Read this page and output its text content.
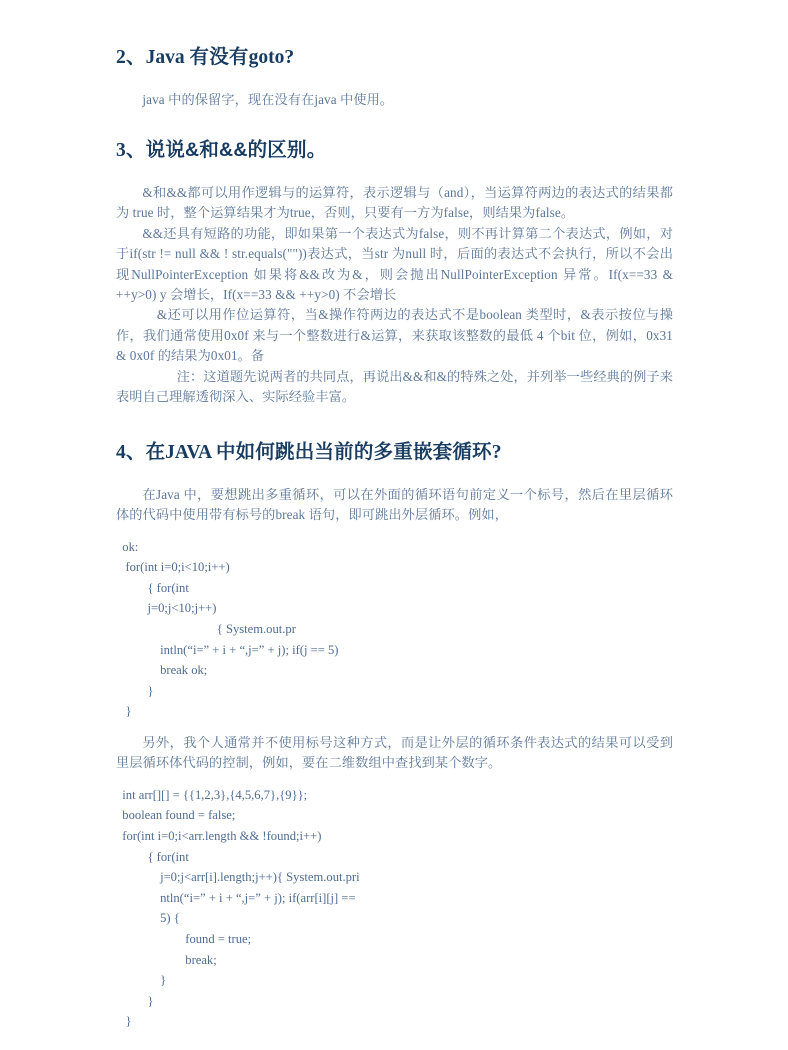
2、Java 有没有goto?

java 中的保留字，现在没有在java 中使用。

3、说说&和&&的区别。

&和&&都可以用作逻辑与的运算符，表示逻辑与（and），当运算符两边的表达式的结果都为 true 时，整个运算结果才为true，否则，只要有一方为false，则结果为false。

&&还具有短路的功能，即如果第一个表达式为false，则不再计算第二个表达式，例如，对于if(str != null && ! str.equals(""))表达式，当str 为null 时，后面的表达式不会执行，所以不会出现NullPointerException 如果将&&改为&，则会抛出NullPointerException 异常。If(x==33 & ++y>0) y 会增长，If(x==33 && ++y>0) 不会增长

&还可以用作位运算符，当&操作符两边的表达式不是boolean 类型时，&表示按位与操作，我们通常使用0x0f 来与一个整数进行&运算，来获取该整数的最低 4 个bit 位，例如，0x31 & 0x0f 的结果为0x01。备

注：这道题先说两者的共同点，再说出&&和&的特殊之处，并列举一些经典的例子来表明自己理解透彻深入、实际经验丰富。

4、在JAVA 中如何跳出当前的多重嵌套循环?

在Java 中，要想跳出多重循环，可以在外面的循环语句前定义一个标号，然后在里层循环体的代码中使用带有标号的break 语句，即可跳出外层循环。例如，

ok:
for(int i=0;i<10;i++)
{ for(int
j=0;j<10;j++)
{ System.out.pr
intln(“i=” + i + “,j=” + j); if(j == 5)
break ok;
}
}

另外，我个人通常并不使用标号这种方式，而是让外层的循环条件表达式的结果可以受到里层循环体代码的控制，例如，要在二维数组中查找到某个数字。

int arr[][] = {{1,2,3},{4,5,6,7},{9}};
boolean found = false;
for(int i=0;i<arr.length && !found;i++)
{ for(int
j=0;j<arr[i].length;j++){ System.out.pri
ntln(“i=” + i + “,j=” + j); if(arr[i][j] ==
5) {
found = true;
break;
}
}
}
